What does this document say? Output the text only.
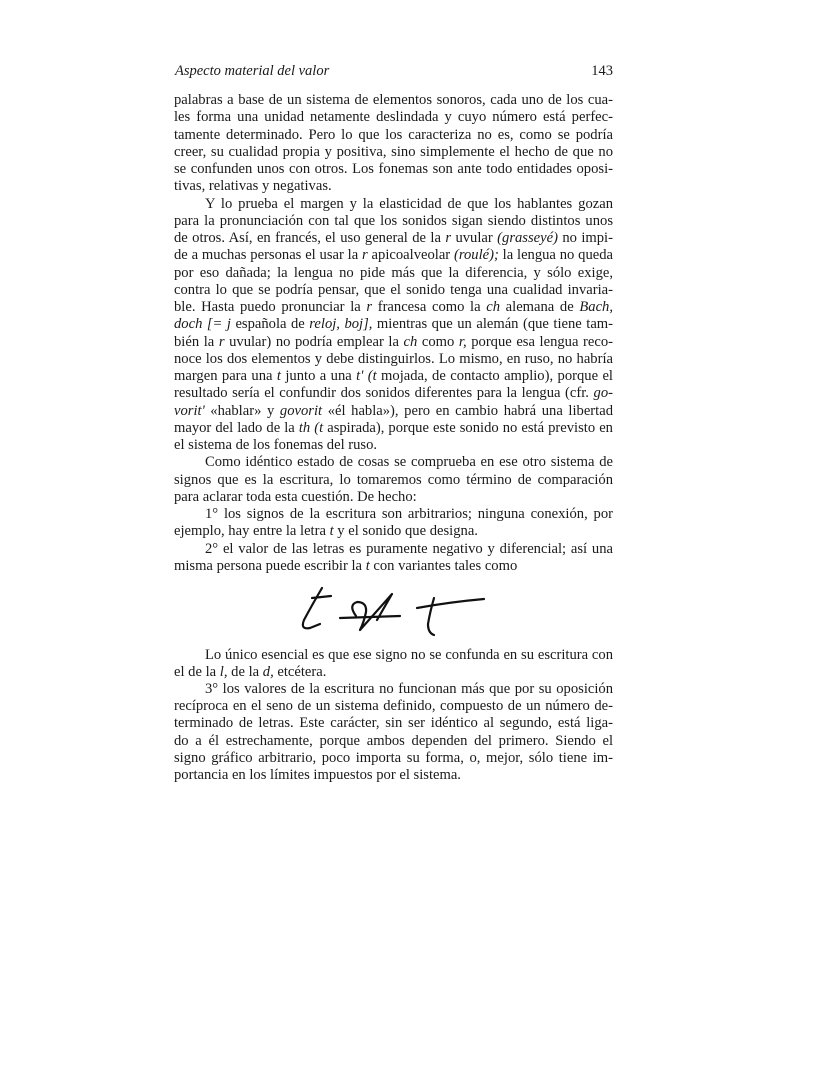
Aspecto material del valor	143
palabras a base de un sistema de elementos sonoros, cada uno de los cua-
les forma una unidad netamente deslindada y cuyo número está perfec-
tamente determinado. Pero lo que los caracteriza no es, como se podría
creer, su cualidad propia y positiva, sino simplemente el hecho de que no
se confunden unos con otros. Los fonemas son ante todo entidades oposi-
tivas, relativas y negativas.
Y lo prueba el margen y la elasticidad de que los hablantes gozan
para la pronunciación con tal que los sonidos sigan siendo distintos unos
de otros. Así, en francés, el uso general de la r uvular (grasseyé) no impi-
de a muchas personas el usar la r apicoalveolar (roulé); la lengua no queda
por eso dañada; la lengua no pide más que la diferencia, y sólo exige,
contra lo que se podría pensar, que el sonido tenga una cualidad invaria-
ble. Hasta puedo pronunciar la r francesa como la ch alemana de Bach,
doch [= j española de reloj, boj], mientras que un alemán (que tiene tam-
bién la r uvular) no podría emplear la ch como r, porque esa lengua reco-
noce los dos elementos y debe distinguirlos. Lo mismo, en ruso, no habría
margen para una t junto a una t' (t mojada, de contacto amplio), porque el
resultado sería el confundir dos sonidos diferentes para la lengua (cfr. go-
vorit' «hablar» y govorit «él habla»), pero en cambio habrá una libertad
mayor del lado de la th (t aspirada), porque este sonido no está previsto en
el sistema de los fonemas del ruso.
Como idéntico estado de cosas se comprueba en ese otro sistema de
signos que es la escritura, lo tomaremos como término de comparación
para aclarar toda esta cuestión. De hecho:
1° los signos de la escritura son arbitrarios; ninguna conexión, por
ejemplo, hay entre la letra t y el sonido que designa.
2° el valor de las letras es puramente negativo y diferencial; así una
misma persona puede escribir la t con variantes tales como
Lo único esencial es que ese signo no se confunda en su escritura con
el de la l, de la d, etcétera.
3° los valores de la escritura no funcionan más que por su oposición
recíproca en el seno de un sistema definido, compuesto de un número de-
terminado de letras. Este carácter, sin ser idéntico al segundo, está liga-
do a él estrechamente, porque ambos dependen del primero. Siendo el
signo gráfico arbitrario, poco importa su forma, o, mejor, sólo tiene im-
portancia en los límites impuestos por el sistema.
